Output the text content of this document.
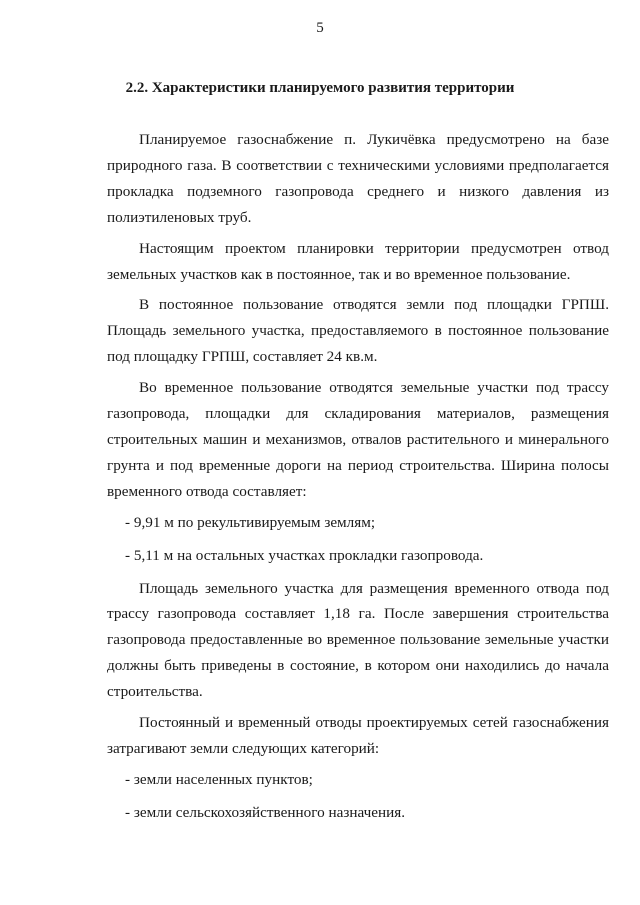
5
2.2. Характеристики планируемого развития территории

Планируемое газоснабжение п. Лукичёвка предусмотрено на базе природного газа. В соответствии с техническими условиями предполагается прокладка подземного газопровода среднего и низкого давления из полиэтиленовых труб.

Настоящим проектом планировки территории предусмотрен отвод земельных участков как в постоянное, так и во временное пользование.

В постоянное пользование отводятся земли под площадки ГРПШ. Площадь земельного участка, предоставляемого в постоянное пользование под площадку ГРПШ, составляет 24 кв.м.

Во временное пользование отводятся земельные участки под трассу газопровода, площадки для складирования материалов, размещения строительных машин и механизмов, отвалов растительного и минерального грунта и под временные дороги на период строительства. Ширина полосы временного отвода составляет:

- 9,91 м по рекультивируемым землям;

- 5,11 м на остальных участках прокладки газопровода.

Площадь земельного участка для размещения временного отвода под трассу газопровода составляет 1,18 га. После завершения строительства газопровода предоставленные во временное пользование земельные участки должны быть приведены в состояние, в котором они находились до начала строительства.

Постоянный и временный отводы проектируемых сетей газоснабжения затрагивают земли следующих категорий:

- земли населенных пунктов;

- земли сельскохозяйственного назначения.
